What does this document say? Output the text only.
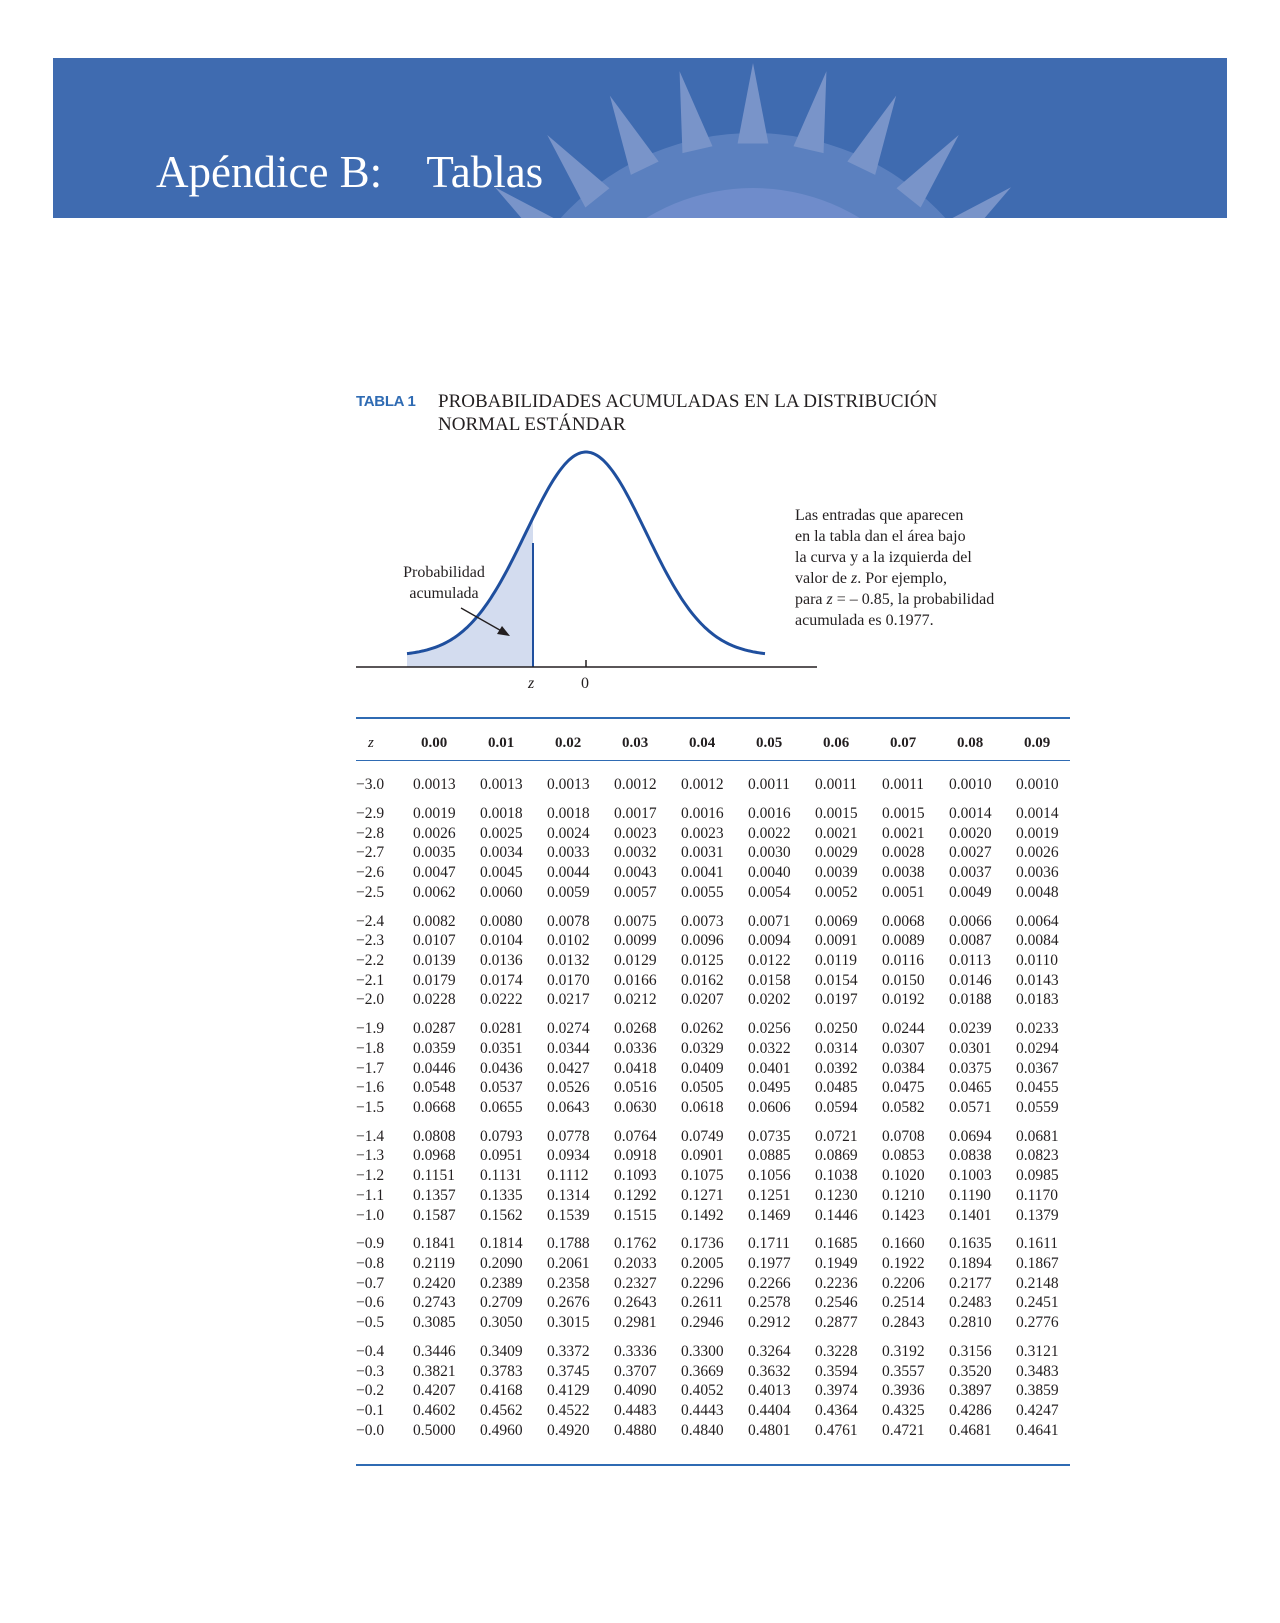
Apéndice B:    Tablas
TABLA 1 PROBABILIDADES ACUMULADAS EN LA DISTRIBUCIÓN
NORMAL ESTÁNDAR
Probabilidad
acumulada
Las entradas que aparecen
en la tabla dan el área bajo
la curva y a la izquierda del
valor de z. Por ejemplo,
para z = – 0.85, la probabilidad
acumulada es 0.1977.
z	0
z	0.00	0.01	0.02	0.03	0.04	0.05	0.06	0.07	0.08	0.09
−3.0 0.0013 0.0013 0.0013 0.0012 0.0012 0.0011 0.0011 0.0011 0.0010 0.0010
−2.9 0.0019 0.0018 0.0018 0.0017 0.0016 0.0016 0.0015 0.0015 0.0014 0.0014
−2.8 0.0026 0.0025 0.0024 0.0023 0.0023 0.0022 0.0021 0.0021 0.0020 0.0019
−2.7 0.0035 0.0034 0.0033 0.0032 0.0031 0.0030 0.0029 0.0028 0.0027 0.0026
−2.6 0.0047 0.0045 0.0044 0.0043 0.0041 0.0040 0.0039 0.0038 0.0037 0.0036
−2.5 0.0062 0.0060 0.0059 0.0057 0.0055 0.0054 0.0052 0.0051 0.0049 0.0048
−2.4 0.0082 0.0080 0.0078 0.0075 0.0073 0.0071 0.0069 0.0068 0.0066 0.0064
−2.3 0.0107 0.0104 0.0102 0.0099 0.0096 0.0094 0.0091 0.0089 0.0087 0.0084
−2.2 0.0139 0.0136 0.0132 0.0129 0.0125 0.0122 0.0119 0.0116 0.0113 0.0110
−2.1 0.0179 0.0174 0.0170 0.0166 0.0162 0.0158 0.0154 0.0150 0.0146 0.0143
−2.0 0.0228 0.0222 0.0217 0.0212 0.0207 0.0202 0.0197 0.0192 0.0188 0.0183
−1.9 0.0287 0.0281 0.0274 0.0268 0.0262 0.0256 0.0250 0.0244 0.0239 0.0233
−1.8 0.0359 0.0351 0.0344 0.0336 0.0329 0.0322 0.0314 0.0307 0.0301 0.0294
−1.7 0.0446 0.0436 0.0427 0.0418 0.0409 0.0401 0.0392 0.0384 0.0375 0.0367
−1.6 0.0548 0.0537 0.0526 0.0516 0.0505 0.0495 0.0485 0.0475 0.0465 0.0455
−1.5 0.0668 0.0655 0.0643 0.0630 0.0618 0.0606 0.0594 0.0582 0.0571 0.0559
−1.4 0.0808 0.0793 0.0778 0.0764 0.0749 0.0735 0.0721 0.0708 0.0694 0.0681
−1.3 0.0968 0.0951 0.0934 0.0918 0.0901 0.0885 0.0869 0.0853 0.0838 0.0823
−1.2 0.1151 0.1131 0.1112 0.1093 0.1075 0.1056 0.1038 0.1020 0.1003 0.0985
−1.1 0.1357 0.1335 0.1314 0.1292 0.1271 0.1251 0.1230 0.1210 0.1190 0.1170
−1.0 0.1587 0.1562 0.1539 0.1515 0.1492 0.1469 0.1446 0.1423 0.1401 0.1379
−0.9 0.1841 0.1814 0.1788 0.1762 0.1736 0.1711 0.1685 0.1660 0.1635 0.1611
−0.8 0.2119 0.2090 0.2061 0.2033 0.2005 0.1977 0.1949 0.1922 0.1894 0.1867
−0.7 0.2420 0.2389 0.2358 0.2327 0.2296 0.2266 0.2236 0.2206 0.2177 0.2148
−0.6 0.2743 0.2709 0.2676 0.2643 0.2611 0.2578 0.2546 0.2514 0.2483 0.2451
−0.5 0.3085 0.3050 0.3015 0.2981 0.2946 0.2912 0.2877 0.2843 0.2810 0.2776
−0.4 0.3446 0.3409 0.3372 0.3336 0.3300 0.3264 0.3228 0.3192 0.3156 0.3121
−0.3 0.3821 0.3783 0.3745 0.3707 0.3669 0.3632 0.3594 0.3557 0.3520 0.3483
−0.2 0.4207 0.4168 0.4129 0.4090 0.4052 0.4013 0.3974 0.3936 0.3897 0.3859
−0.1 0.4602 0.4562 0.4522 0.4483 0.4443 0.4404 0.4364 0.4325 0.4286 0.4247
−0.0 0.5000 0.4960 0.4920 0.4880 0.4840 0.4801 0.4761 0.4721 0.4681 0.4641
